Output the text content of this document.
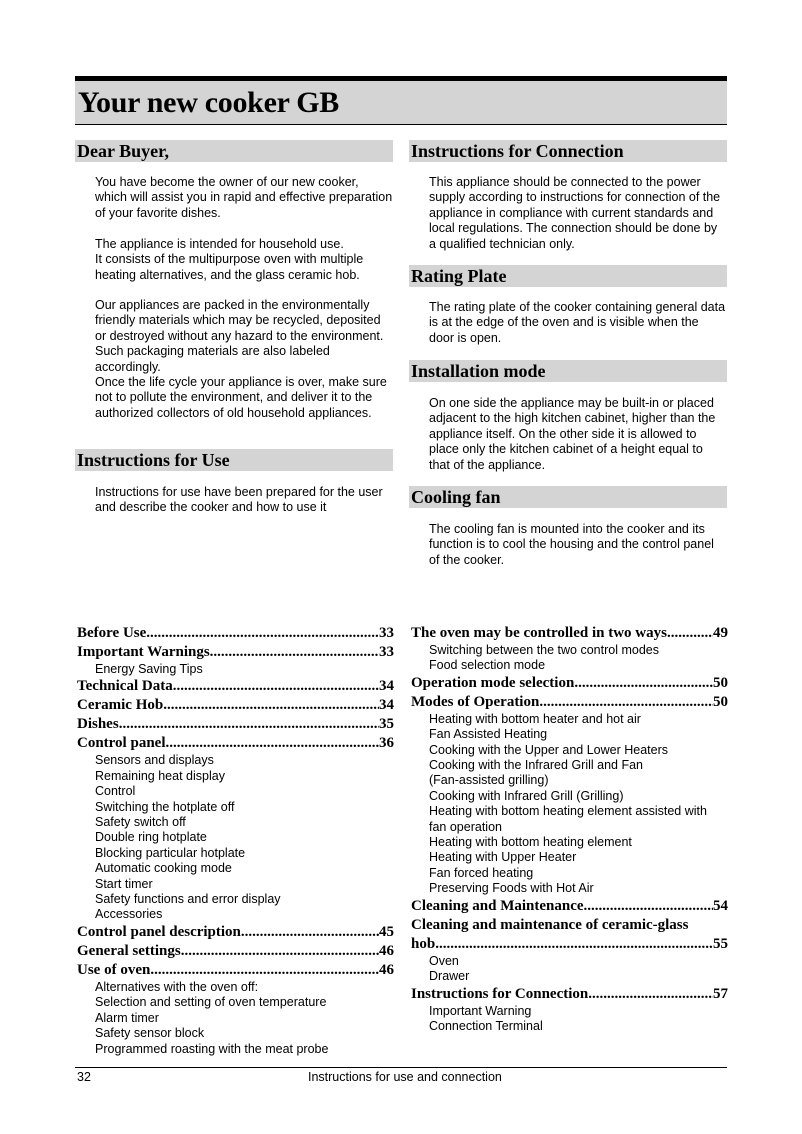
Your new cooker GB
Dear Buyer,

You have become the owner of our new cooker, which will assist you in rapid and effective preparation of your favorite dishes.

The appliance is intended for household use.
It consists of the multipurpose oven with multiple heating alternatives, and the glass ceramic hob.

Our appliances are packed in the environmentally friendly materials which may be recycled, deposited or destroyed without any hazard to the environment. Such packaging materials are also labeled accordingly.
Once the life cycle your appliance is over, make sure not to pollute the environment, and deliver it to the authorized collectors of old household appliances.

Instructions for Use

Instructions for use have been prepared for the user and describe the cooker and how to use it

Instructions for Connection

This appliance should be connected to the power supply according to instructions for connection of the appliance in compliance with current standards and local regulations. The connection should be done by a qualified technician only.

Rating Plate

The rating plate of the cooker containing general data is at the edge of the oven and is visible when the door is open.

Installation mode

On one side the appliance may be built-in or placed adjacent to the high kitchen cabinet, higher than the appliance itself. On the other side it is allowed to place only the kitchen cabinet of a height equal to that of the appliance.

Cooling fan

The cooling fan is mounted into the cooker and its function is to cool the housing and the control panel of the cooker.

Before Use .....	33
Important Warnings .....	33
Energy Saving Tips
Technical Data .....	34
Ceramic Hob .....	34
Dishes .....	35
Control panel .....	36
Sensors and displays
Remaining heat display
Control
Switching the hotplate off
Safety switch off
Double ring hotplate
Blocking particular hotplate
Automatic cooking mode
Start timer
Safety functions and error display
Accessories
Control panel description .....	45
General settings .....	46
Use of oven .....	46
Alternatives with the oven off:
Selection and setting of oven temperature
Alarm timer
Safety sensor block
Programmed roasting with the meat probe
The oven may be controlled in two ways .....	49
Switching between the two control modes
Food selection mode
Operation mode selection .....	50
Modes of Operation .....	50
Heating with bottom heater and hot air
Fan Assisted Heating
Cooking with the Upper and Lower Heaters
Cooking with the Infrared Grill and Fan
(Fan-assisted grilling)
Cooking with Infrared Grill (Grilling)
Heating with bottom heating element assisted with fan operation
Heating with bottom heating element
Heating with Upper Heater
Fan forced heating
Preserving Foods with Hot Air
Cleaning and Maintenance .....	54
Cleaning and maintenance of ceramic-glass
hob .....	55
Oven
Drawer
Instructions for Connection .....	57
Important Warning
Connection Terminal
32	Instructions for use and connection
